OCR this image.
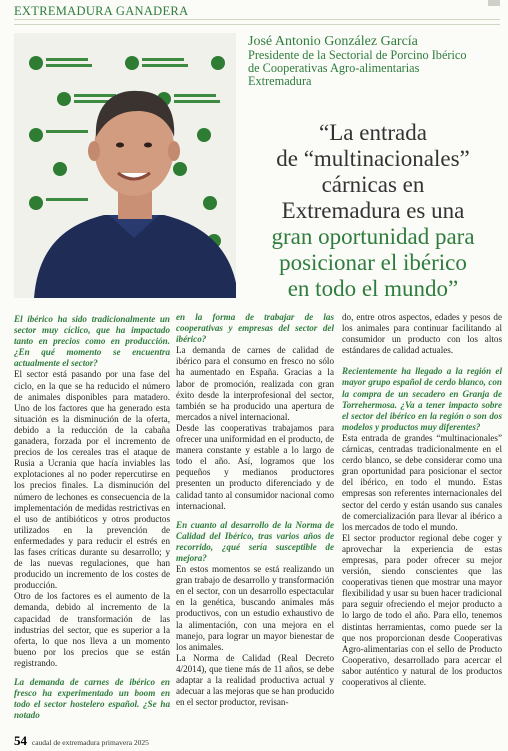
EXTREMADURA GANADERA
José Antonio González García
Presidente de la Sectorial de Porcino Ibérico
de Cooperativas Agro-alimentarias
Extremadura
“La entrada
de “multinacionales”
cárnicas en
Extremadura es una
gran oportunidad para
posicionar el ibérico
en todo el mundo”

El ibérico ha sido tradicionalmente un sector muy cíclico, que ha impactado tanto en precios como en producción. ¿En qué momento se encuentra actualmente el sector?

El sector está pasando por una fase del ciclo, en la que se ha reducido el número de animales disponibles para matadero. Uno de los factores que ha generado esta situación es la disminución de la oferta, debido a la reducción de la cabaña ganadera, forzada por el incremento de precios de los cereales tras el ataque de Rusia a Ucrania que hacía inviables las explotaciones al no poder repercutirse en los precios finales. La disminución del número de lechones es consecuencia de la implementación de medidas restrictivas en el uso de antibióticos y otros productos utilizados en la prevención de enfermedades y para reducir el estrés en las fases críticas durante su desarrollo; y de las nuevas regulaciones, que han producido un incremento de los costes de producción.

Otro de los factores es el aumento de la demanda, debido al incremento de la capacidad de transformación de las industrias del sector, que es superior a la oferta, lo que nos lleva a un momento bueno por los precios que se están registrando.

La demanda de carnes de ibérico en fresco ha experimentado un boom en todo el sector hostelero español. ¿Se ha notado

en la forma de trabajar de las cooperativas y empresas del sector del ibérico?

La demanda de carnes de calidad de ibérico para el consumo en fresco no sólo ha aumentado en España. Gracias a la labor de promoción, realizada con gran éxito desde la interprofesional del sector, también se ha producido una apertura de mercados a nivel internacional.

Desde las cooperativas trabajamos para ofrecer una uniformidad en el producto, de manera constante y estable a lo largo de todo el año. Así, logramos que los pequeños y medianos productores presenten un producto diferenciado y de calidad tanto al consumidor nacional como internacional.

En cuanto al desarrollo de la Norma de Calidad del Ibérico, tras varios años de recorrido, ¿qué sería susceptible de mejora?

En estos momentos se está realizando un gran trabajo de desarrollo y transformación en el sector, con un desarrollo espectacular en la genética, buscando animales más productivos, con un estudio exhaustivo de la alimentación, con una mejora en el manejo, para lograr un mayor bienestar de los animales.

La Norma de Calidad (Real Decreto 4/2014), que tiene más de 11 años, se debe adaptar a la realidad productiva actual y adecuar a las mejoras que se han producido en el sector productor, revisan-

do, entre otros aspectos, edades y pesos de los animales para continuar facilitando al consumidor un producto con los altos estándares de calidad actuales.

Recientemente ha llegado a la región el mayor grupo español de cerdo blanco, con la compra de un secadero en Granja de Torrehermosa. ¿Va a tener impacto sobre el sector del ibérico en la región o son dos modelos y productos muy diferentes?

Esta entrada de grandes “multinacionales” cárnicas, centradas tradicionalmente en el cerdo blanco, se debe considerar como una gran oportunidad para posicionar el sector del ibérico, en todo el mundo. Estas empresas son referentes internacionales del sector del cerdo y están usando sus canales de comercialización para llevar al ibérico a los mercados de todo el mundo.

El sector productor regional debe coger y aprovechar la experiencia de estas empresas, para poder ofrecer su mejor versión, siendo conscientes que las cooperativas tienen que mostrar una mayor flexibilidad y usar su buen hacer tradicional para seguir ofreciendo el mejor producto a lo largo de todo el año. Para ello, tenemos distintas herramientas, como puede ser la que nos proporcionan desde Cooperativas Agro-alimentarias con el sello de Producto Cooperativo, desarrollado para acercar el sabor auténtico y natural de los productos cooperativos al cliente.

54 caudal de extremadura primavera 2025
